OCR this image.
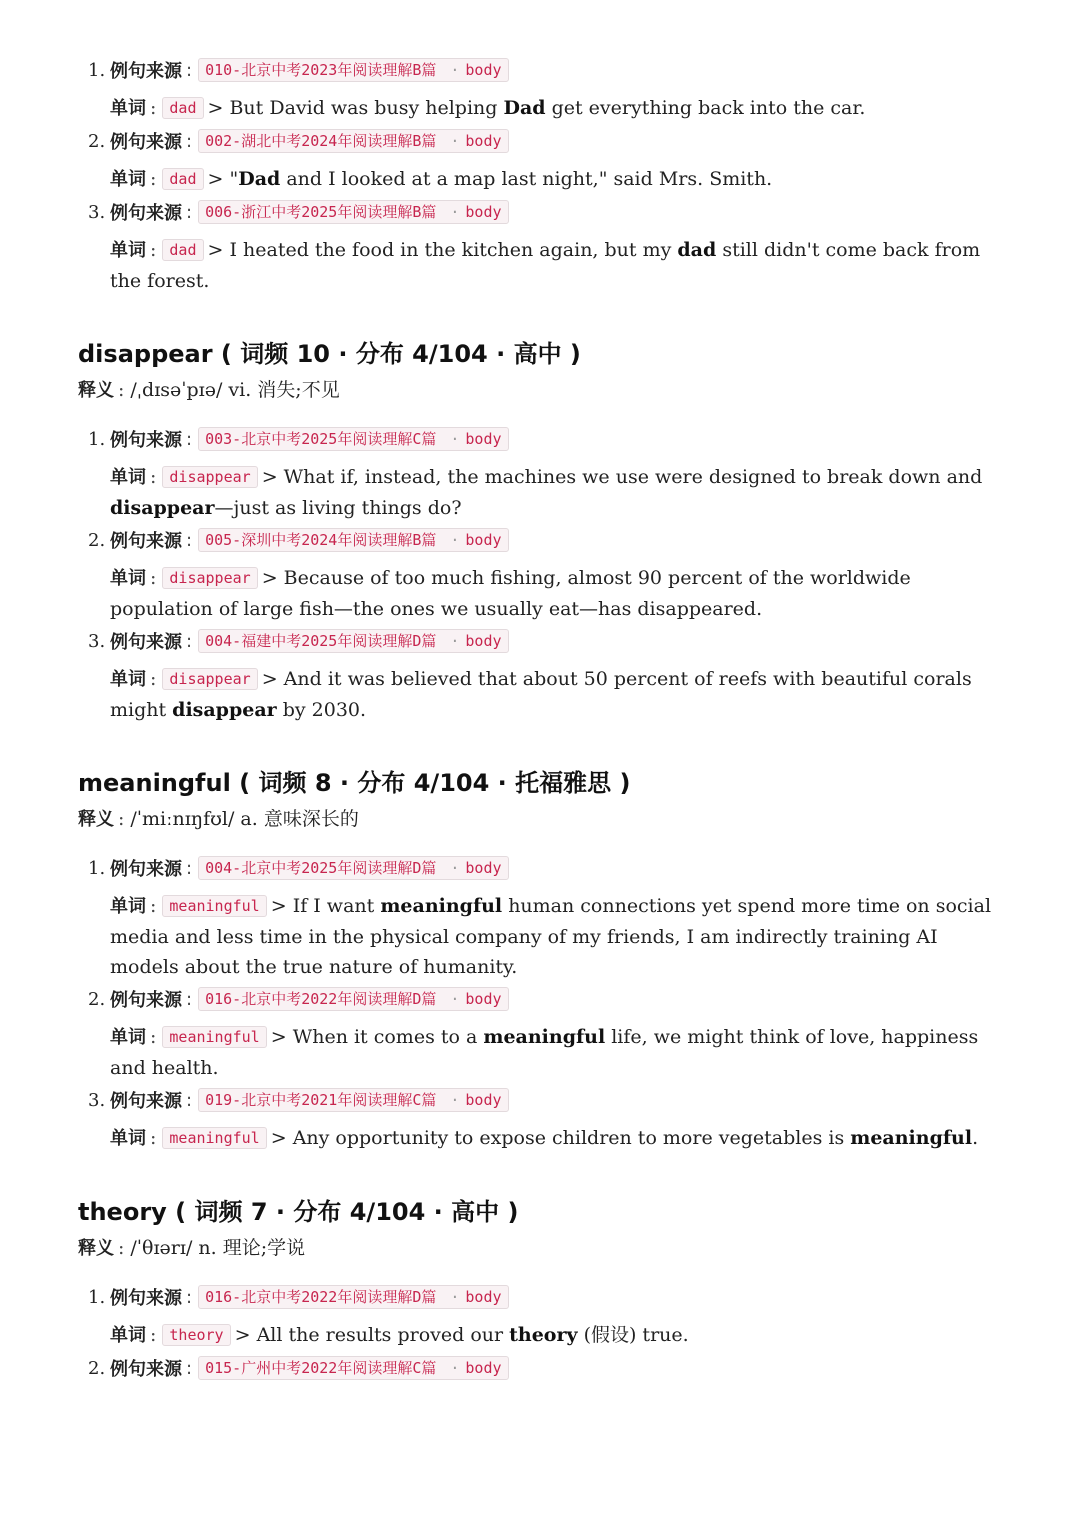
1. 例句来源 : 010-北京中考2023年阅读理解B篇 · body
单词 : dad > But David was busy helping Dad get everything back into the car.
2. 例句来源 : 002-湖北中考2024年阅读理解B篇 · body
单词 : dad > "Dad and I looked at a map last night," said Mrs. Smith.
3. 例句来源 : 006-浙江中考2025年阅读理解B篇 · body
单词 : dad > I heated the food in the kitchen again, but my dad still didn't come back from the forest.
disappear ( 词频 10 · 分布 4/104 · 高中 )
释义 : /ˌdɪsəˈpɪə/ vi. 消失;不见
1. 例句来源 : 003-北京中考2025年阅读理解C篇 · body
单词 : disappear > What if, instead, the machines we use were designed to break down and disappear—just as living things do?
2. 例句来源 : 005-深圳中考2024年阅读理解B篇 · body
单词 : disappear > Because of too much fishing, almost 90 percent of the worldwide population of large fish—the ones we usually eat—has disappeared.
3. 例句来源 : 004-福建中考2025年阅读理解D篇 · body
单词 : disappear > And it was believed that about 50 percent of reefs with beautiful corals might disappear by 2030.
meaningful ( 词频 8 · 分布 4/104 · 托福雅思 )
释义 : /ˈmiːnɪŋfʊl/ a. 意味深长的
1. 例句来源 : 004-北京中考2025年阅读理解D篇 · body
单词 : meaningful > If I want meaningful human connections yet spend more time on social media and less time in the physical company of my friends, I am indirectly training AI models about the true nature of humanity.
2. 例句来源 : 016-北京中考2022年阅读理解D篇 · body
单词 : meaningful > When it comes to a meaningful life, we might think of love, happiness and health.
3. 例句来源 : 019-北京中考2021年阅读理解C篇 · body
单词 : meaningful > Any opportunity to expose children to more vegetables is meaningful.
theory ( 词频 7 · 分布 4/104 · 高中 )
释义 : /ˈθɪərɪ/ n. 理论;学说
1. 例句来源 : 016-北京中考2022年阅读理解D篇 · body
单词 : theory > All the results proved our theory (假设) true.
2. 例句来源 : 015-广州中考2022年阅读理解C篇 · body
